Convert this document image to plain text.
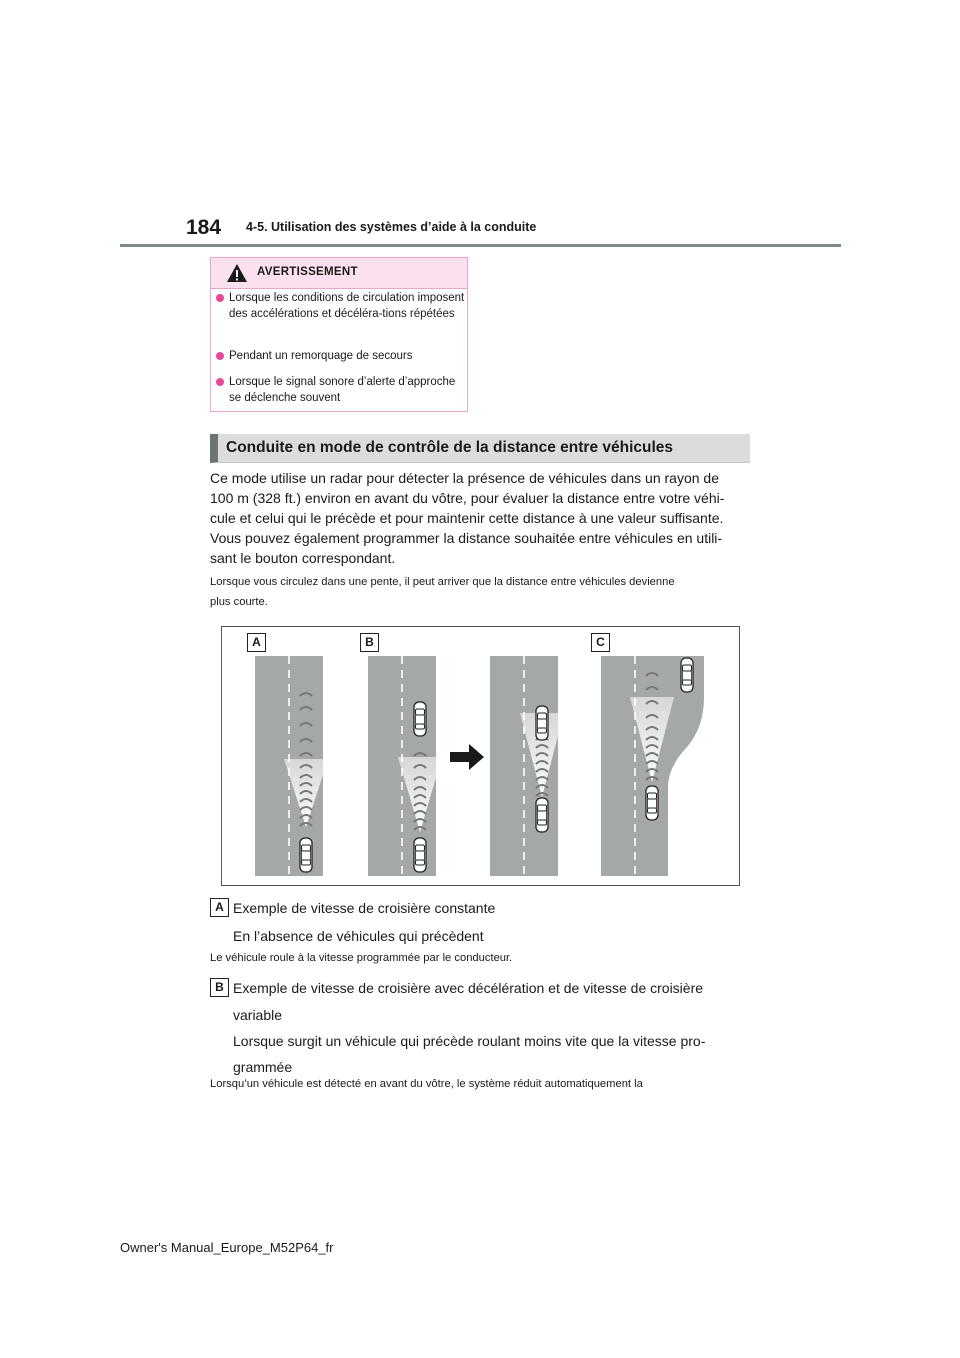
184 4-5. Utilisation des systèmes d’aide à la conduite
AVERTISSEMENT
Lorsque les conditions de circulation imposent des accélérations et décéléra-tions répétées
Pendant un remorquage de secours
Lorsque le signal sonore d’alerte d’approche se déclenche souvent
Conduite en mode de contrôle de la distance entre véhicules
Ce mode utilise un radar pour détecter la présence de véhicules dans un rayon de
100 m (328 ft.) environ en avant du vôtre, pour évaluer la distance entre votre véhi-
cule et celui qui le précède et pour maintenir cette distance à une valeur suffisante.
Vous pouvez également programmer la distance souhaitée entre véhicules en utili-
sant le bouton correspondant.
Lorsque vous circulez dans une pente, il peut arriver que la distance entre véhicules devienne
plus courte.
A	B	C
A Exemple de vitesse de croisière constante
En l’absence de véhicules qui précèdent
Le véhicule roule à la vitesse programmée par le conducteur.
B Exemple de vitesse de croisière avec décélération et de vitesse de croisière
variable
Lorsque surgit un véhicule qui précède roulant moins vite que la vitesse pro-
grammée
Lorsqu’un véhicule est détecté en avant du vôtre, le système réduit automatiquement la
Owner's Manual_Europe_M52P64_fr
